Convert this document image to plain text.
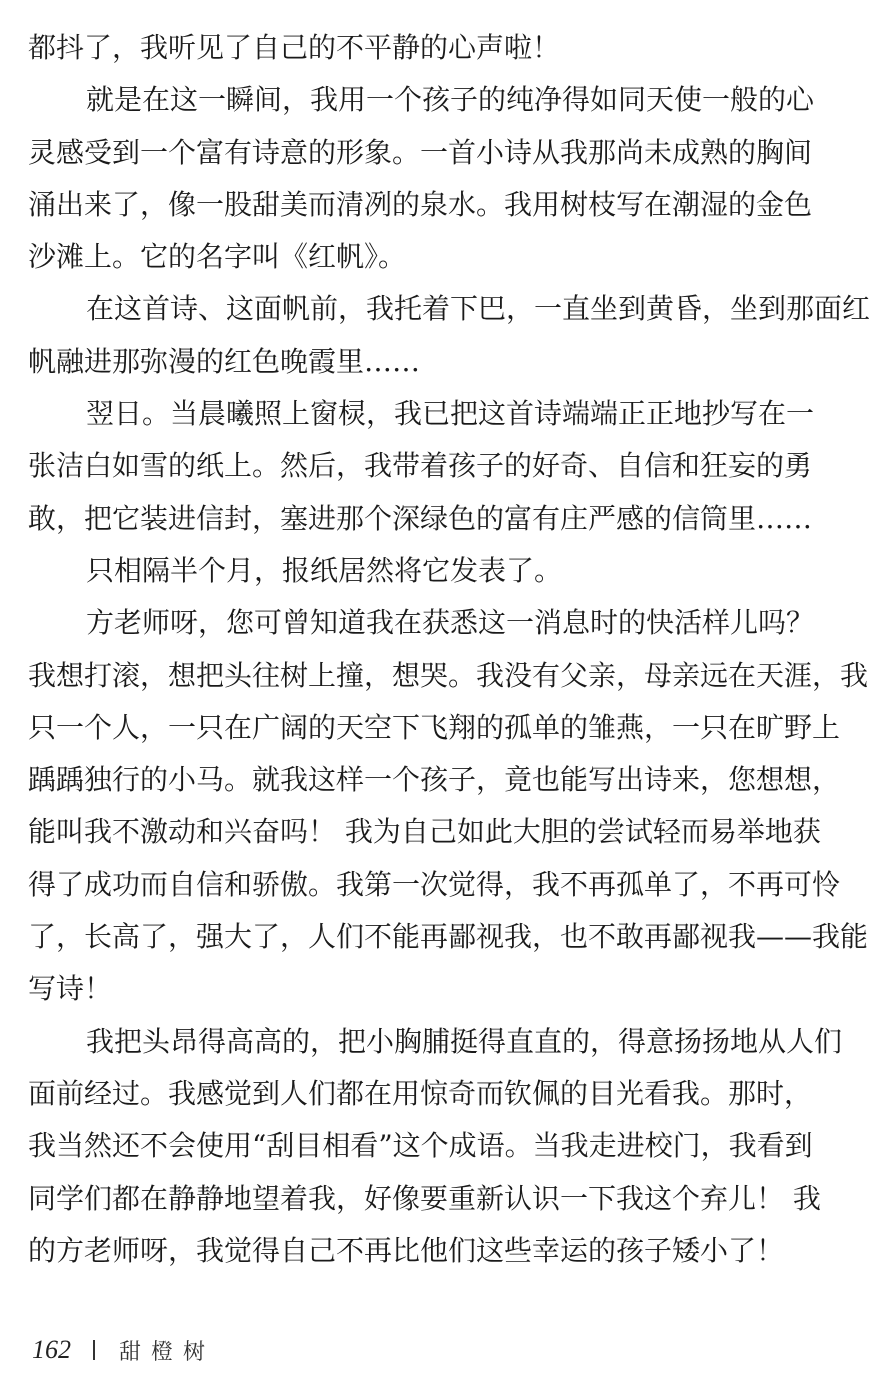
都抖了，我听见了自己的不平静的心声啦！
就是在这一瞬间，我用一个孩子的纯净得如同天使一般的心
灵感受到一个富有诗意的形象。一首小诗从我那尚未成熟的胸间
涌出来了，像一股甜美而清冽的泉水。我用树枝写在潮湿的金色
沙滩上。它的名字叫《红帆》。
在这首诗、这面帆前，我托着下巴，一直坐到黄昏，坐到那面红
帆融进那弥漫的红色晚霞里……
翌日。当晨曦照上窗棂，我已把这首诗端端正正地抄写在一
张洁白如雪的纸上。然后，我带着孩子的好奇、自信和狂妄的勇
敢，把它装进信封，塞进那个深绿色的富有庄严感的信筒里……
只相隔半个月，报纸居然将它发表了。
方老师呀，您可曾知道我在获悉这一消息时的快活样儿吗？
我想打滚，想把头往树上撞，想哭。我没有父亲，母亲远在天涯，我
只一个人，一只在广阔的天空下飞翔的孤单的雏燕，一只在旷野上
踽踽独行的小马。就我这样一个孩子，竟也能写出诗来，您想想，
能叫我不激动和兴奋吗！ 我为自己如此大胆的尝试轻而易举地获
得了成功而自信和骄傲。我第一次觉得，我不再孤单了，不再可怜
了，长高了，强大了，人们不能再鄙视我，也不敢再鄙视我——我能
写诗！
我把头昂得高高的，把小胸脯挺得直直的，得意扬扬地从人们
面前经过。我感觉到人们都在用惊奇而钦佩的目光看我。那时，
我当然还不会使用“刮目相看”这个成语。当我走进校门，我看到
同学们都在静静地望着我，好像要重新认识一下我这个弃儿！ 我
的方老师呀，我觉得自己不再比他们这些幸运的孩子矮小了！
162 甜橙树
